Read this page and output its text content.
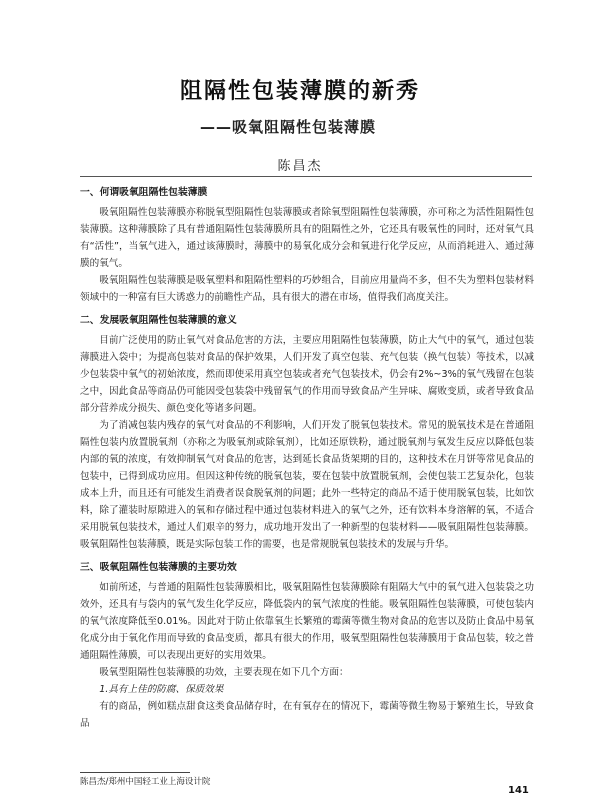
阻隔性包装薄膜的新秀
——吸氧阻隔性包装薄膜
陈昌杰
一、何谓吸氧阻隔性包装薄膜

吸氧阻隔性包装薄膜亦称脱氧型阻隔性包装薄膜或者除氧型阻隔性包装薄膜，亦可称之为活性阻隔性包装薄膜。这种薄膜除了具有普通阻隔性包装薄膜所具有的阻隔性之外，它还具有吸氧性的同时，还对氧气具有“活性”，当氧气进入，通过该薄膜时，薄膜中的易氧化成分会和氧进行化学反应，从而消耗进入、通过薄膜的氧气。

吸氧阻隔性包装薄膜是吸氧塑料和阻隔性塑料的巧妙组合，目前应用量尚不多，但不失为塑料包装材料领域中的一种富有巨大诱惑力的前瞻性产品，具有很大的潜在市场，值得我们高度关注。

二、发展吸氧阻隔性包装薄膜的意义

目前广泛使用的防止氧气对食品危害的方法，主要应用阻隔性包装薄膜，防止大气中的氧气，通过包装薄膜进入袋中；为提高包装对食品的保护效果，人们开发了真空包装、充气包装（换气包装）等技术，以减少包装袋中氧气的初始浓度，然而即使采用真空包装或者充气包装技术，仍会有2%~3%的氧气残留在包装之中，因此食品等商品仍可能因受包装袋中残留氧气的作用而导致食品产生异味、腐败变质，或者导致食品部分营养成分损失、颜色变化等诸多问题。

为了消减包装内残存的氧气对食品的不利影响，人们开发了脱氧包装技术。常见的脱氧技术是在普通阻隔性包装内放置脱氧剂（亦称之为吸氧剂或除氧剂），比如还原铁粉，通过脱氧剂与氧发生反应以降低包装内部的氧的浓度，有效抑制氧气对食品的危害，达到延长食品货架期的目的，这种技术在月饼等常见食品的包装中，已得到成功应用。但因这种传统的脱氧包装，要在包装中放置脱氧剂，会使包装工艺复杂化，包装成本上升，而且还有可能发生消费者误食脱氧剂的问题；此外一些特定的商品不适于使用脱氧包装，比如饮料，除了灌装时原隙进入的氧和存储过程中通过包装材料进入的氧气之外，还有饮料本身溶解的氧，不适合采用脱氧包装技术，通过人们艰辛的努力，成功地开发出了一种新型的包装材料——吸氧阻隔性包装薄膜。吸氧阻隔性包装薄膜，既是实际包装工作的需要，也是常规脱氧包装技术的发展与升华。

三、吸氧阻隔性包装薄膜的主要功效

如前所述，与普通的阻隔性包装薄膜相比，吸氧阻隔性包装薄膜除有阻隔大气中的氧气进入包装袋之功效外，还具有与袋内的氧气发生化学反应，降低袋内的氧气浓度的性能。吸氧阻隔性包装薄膜，可使包装内的氧气浓度降低至0.01%。因此对于防止依靠氧生长繁殖的霉菌等微生物对食品的危害以及防止食品中易氧化成分由于氧化作用而导致的食品变质，都具有很大的作用，吸氧型阻隔性包装薄膜用于食品包装，较之普通阻隔性薄膜，可以表现出更好的实用效果。

吸氧型阻隔性包装薄膜的功效，主要表现在如下几个方面：

1.具有上佳的防腐、保质效果

有的商品，例如糕点甜食这类食品储存时，在有氧存在的情况下，霉菌等微生物易于繁殖生长，导致食品

陈昌杰/郑州中国轻工业上海设计院
141
